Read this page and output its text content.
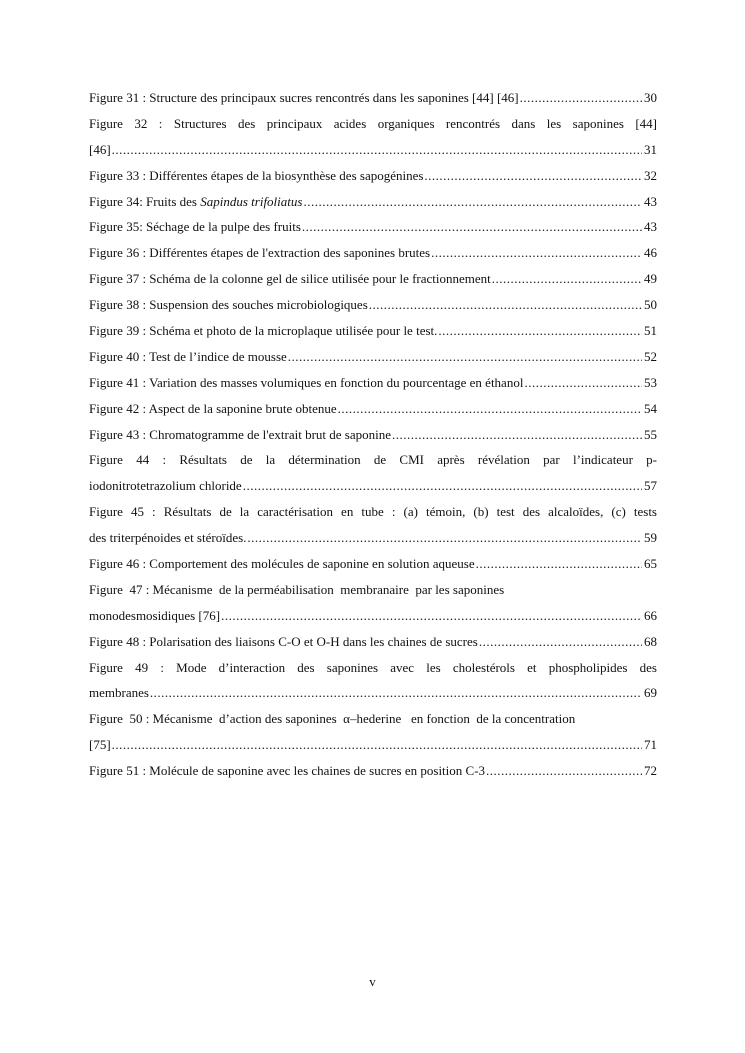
Figure 31 : Structure des principaux sucres rencontrés dans les saponines [44] [46] .....	30
Figure 32 : Structures des principaux acides organiques rencontrés dans les saponines [44]
[46] .....	31
Figure 33 : Différentes étapes de la biosynthèse des sapogénines .....	32
Figure 34: Fruits des Sapindus trifoliatus .....	43
Figure 35: Séchage de la pulpe des fruits .....	43
Figure 36 : Différentes étapes de l'extraction des saponines brutes .....	46
Figure 37 : Schéma de la colonne gel de silice utilisée pour le fractionnement .....	49
Figure 38 : Suspension des souches microbiologiques .....	50
Figure 39 : Schéma et photo de la microplaque utilisée pour le test. .....	51
Figure 40 : Test de l’indice de mousse .....	52
Figure 41 : Variation des masses volumiques en fonction du pourcentage en éthanol .....	53
Figure 42 : Aspect de la saponine brute obtenue .....	54
Figure 43 : Chromatogramme de l'extrait brut de saponine .....	55
Figure 44 : Résultats de la détermination de CMI après révélation par l’indicateur p-
iodonitrotetrazolium chloride .....	57
Figure 45 : Résultats de la caractérisation en tube : (a) témoin, (b) test des alcaloïdes, (c) tests
des triterpénoides et stéroïdes. .....	59
Figure 46 : Comportement des molécules de saponine en solution aqueuse .....	65
Figure  47 : Mécanisme  de la perméabilisation  membranaire  par les saponines
monodesmosidiques [76] .....	66
Figure 48 : Polarisation des liaisons C-O et O-H dans les chaines de sucres .....	68
Figure 49 : Mode d’interaction des saponines avec les cholestérols et phospholipides des
membranes .....	69
Figure  50 : Mécanisme  d’action des saponines  α–hederine   en fonction  de la concentration
[75] .....	71
Figure 51 : Molécule de saponine avec les chaines de sucres en position C-3 .....	72
v
